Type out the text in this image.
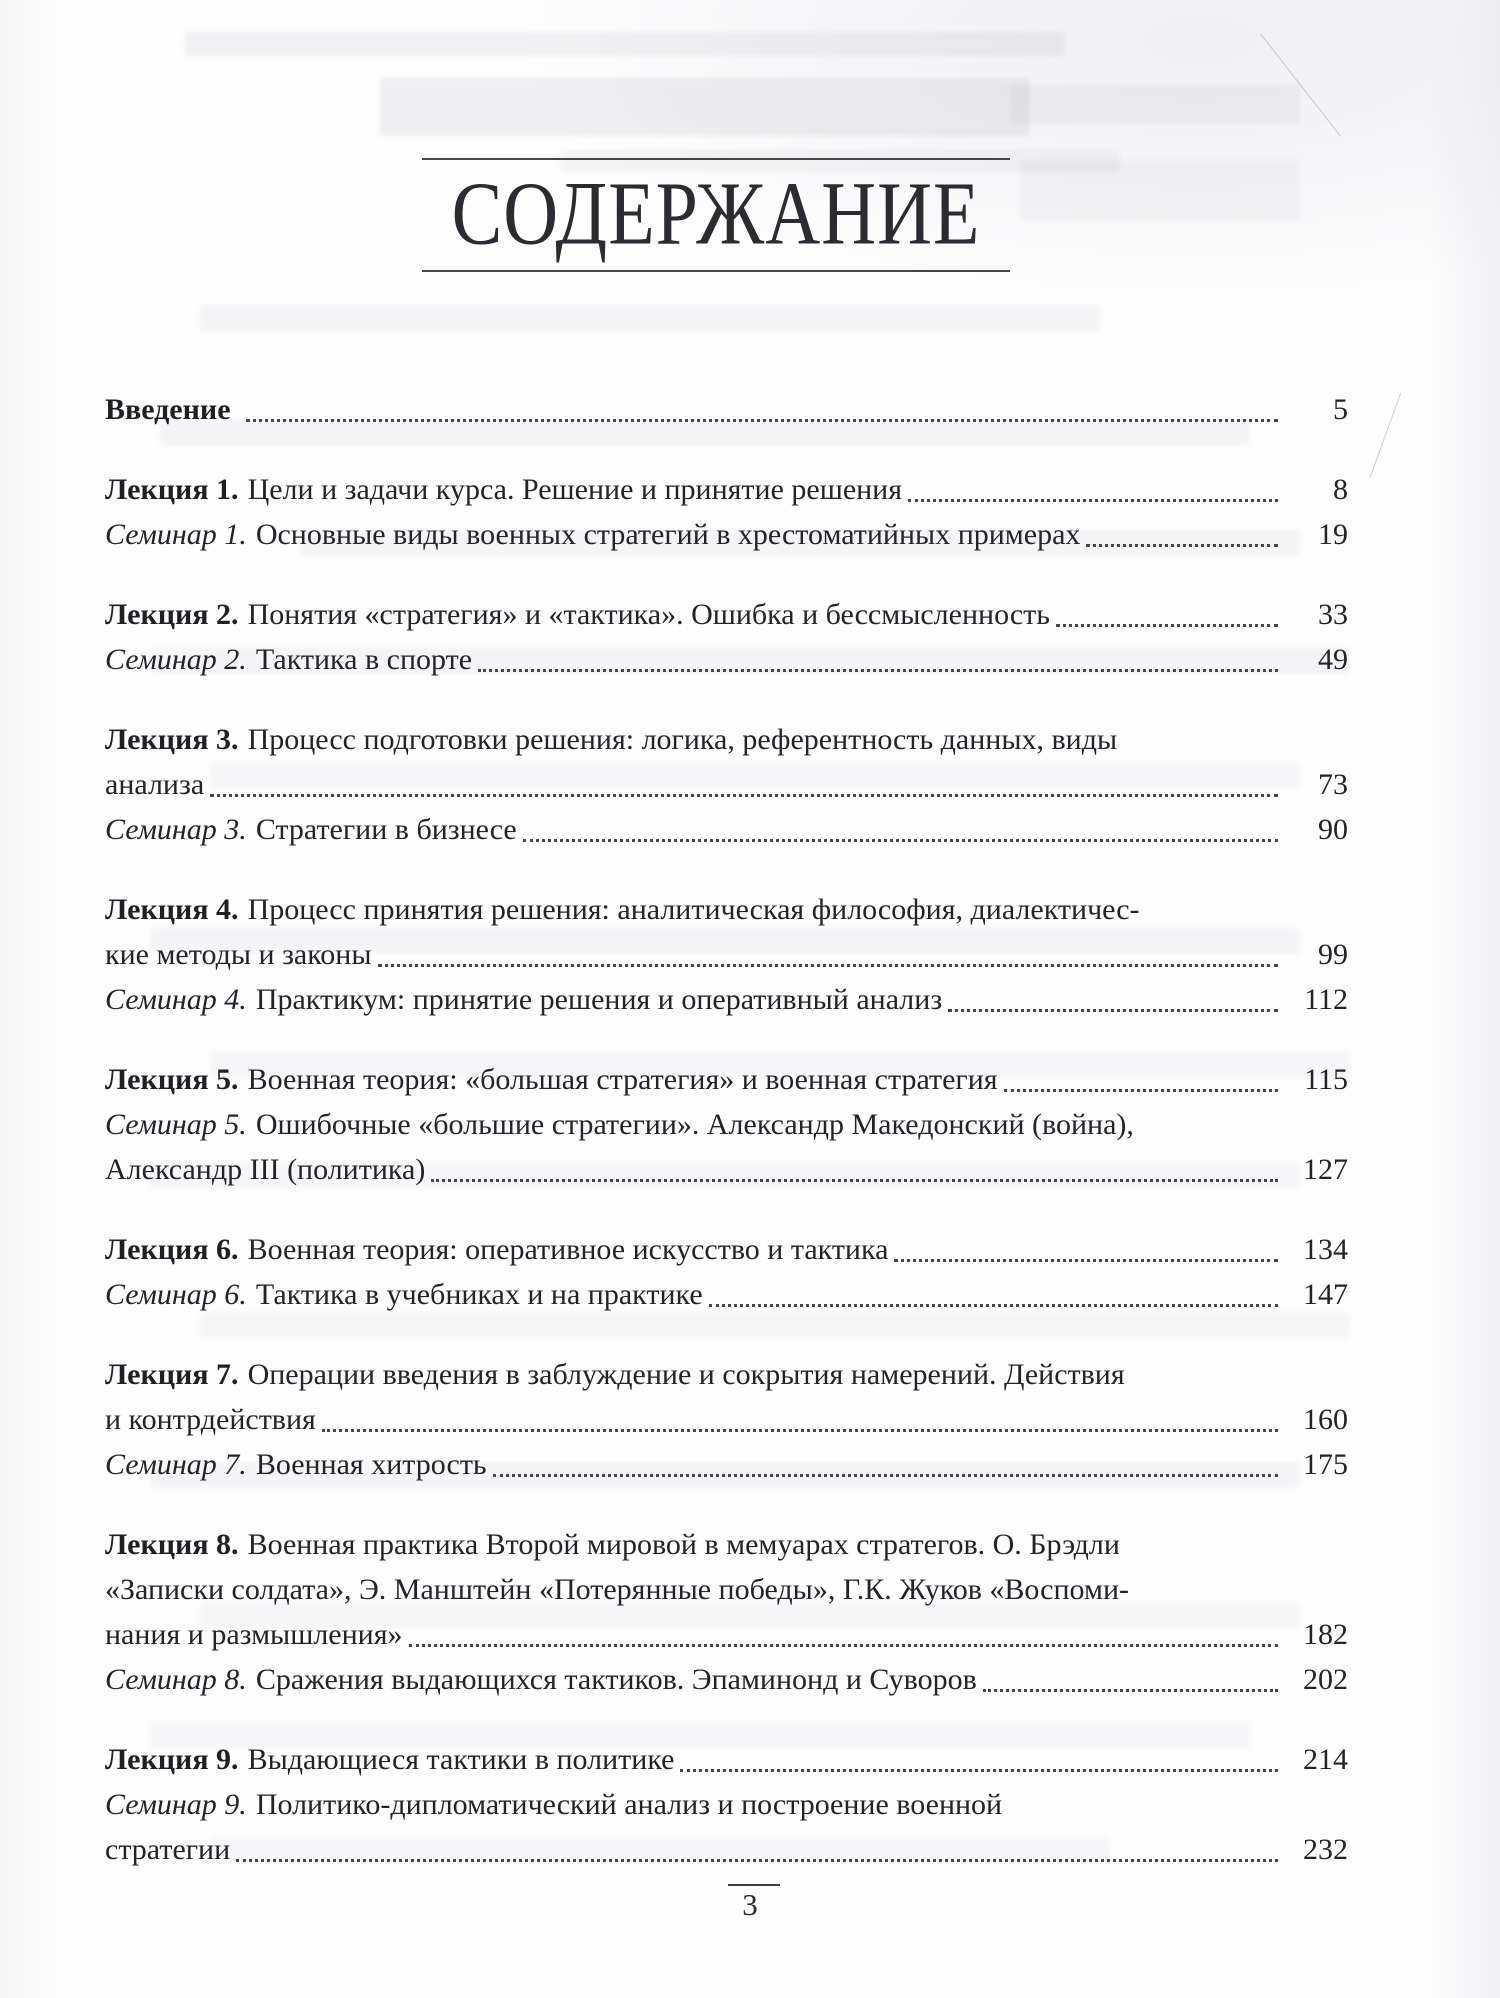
СОДЕРЖАНИЕ
Введение	5
Лекция 1. Цели и задачи курса. Решение и принятие решения	8
Семинар 1. Основные виды военных стратегий в хрестоматийных примерах	19
Лекция 2. Понятия «стратегия» и «тактика». Ошибка и бессмысленность	33
Семинар 2. Тактика в спорте	49
Лекция 3. Процесс подготовки решения: логика, референтность данных, виды
анализа	73
Семинар 3. Стратегии в бизнесе	90
Лекция 4. Процесс принятия решения: аналитическая философия, диалектичес-
кие методы и законы	99
Семинар 4. Практикум: принятие решения и оперативный анализ	112
Лекция 5. Военная теория: «большая стратегия» и военная стратегия	115
Семинар 5. Ошибочные «большие стратегии». Александр Македонский (война),
Александр III (политика)	127
Лекция 6. Военная теория: оперативное искусство и тактика	134
Семинар 6. Тактика в учебниках и на практике	147
Лекция 7. Операции введения в заблуждение и сокрытия намерений. Действия
и контрдействия	160
Семинар 7. Военная хитрость	175
Лекция 8. Военная практика Второй мировой в мемуарах стратегов. О. Брэдли
«Записки солдата», Э. Манштейн «Потерянные победы», Г.К. Жуков «Воспоми-
нания и размышления»	182
Семинар 8. Сражения выдающихся тактиков. Эпаминонд и Суворов	202
Лекция 9. Выдающиеся тактики в политике	214
Семинар 9. Политико-дипломатический анализ и построение военной
стратегии	232
3
